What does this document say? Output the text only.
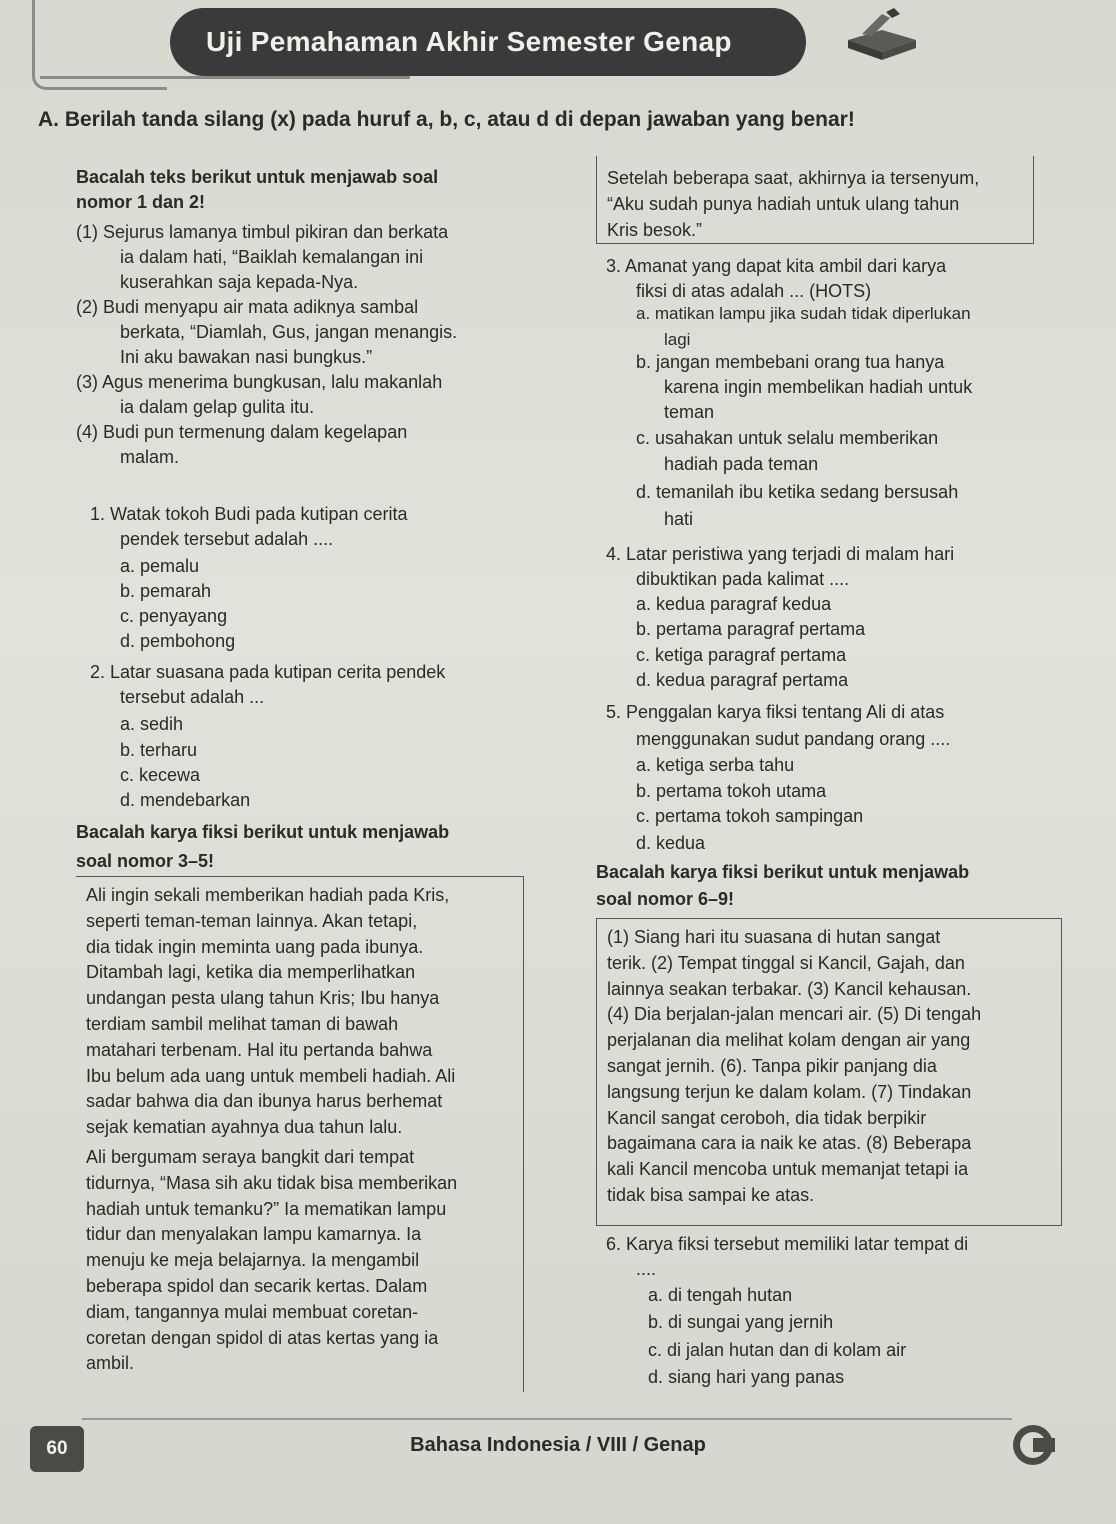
Uji Pemahaman Akhir Semester Genap
A. Berilah tanda silang (x) pada huruf a, b, c, atau d di depan jawaban yang benar!
Bacalah teks berikut untuk menjawab soal
nomor 1 dan 2!
(1) Sejurus lamanya timbul pikiran dan berkata
ia dalam hati, “Baiklah kemalangan ini
kuserahkan saja kepada-Nya.
(2) Budi menyapu air mata adiknya sambal
berkata, “Diamlah, Gus, jangan menangis.
Ini aku bawakan nasi bungkus.”
(3) Agus menerima bungkusan, lalu makanlah
ia dalam gelap gulita itu.
(4) Budi pun termenung dalam kegelapan
malam.
1. Watak tokoh Budi pada kutipan cerita
pendek tersebut adalah ....
a. pemalu
b. pemarah
c. penyayang
d. pembohong
2. Latar suasana pada kutipan cerita pendek
tersebut adalah ...
a. sedih
b. terharu
c. kecewa
d. mendebarkan
Bacalah karya fiksi berikut untuk menjawab
soal nomor 3–5!
Ali ingin sekali memberikan hadiah pada Kris,
seperti teman-teman lainnya. Akan tetapi,
dia tidak ingin meminta uang pada ibunya.
Ditambah lagi, ketika dia memperlihatkan
undangan pesta ulang tahun Kris; Ibu hanya
terdiam sambil melihat taman di bawah
matahari terbenam. Hal itu pertanda bahwa
Ibu belum ada uang untuk membeli hadiah. Ali
sadar bahwa dia dan ibunya harus berhemat
sejak kematian ayahnya dua tahun lalu.
Ali bergumam seraya bangkit dari tempat
tidurnya, “Masa sih aku tidak bisa memberikan
hadiah untuk temanku?” Ia mematikan lampu
tidur dan menyalakan lampu kamarnya. Ia
menuju ke meja belajarnya. Ia mengambil
beberapa spidol dan secarik kertas. Dalam
diam, tangannya mulai membuat coretan-
coretan dengan spidol di atas kertas yang ia
ambil.
Setelah beberapa saat, akhirnya ia tersenyum,
“Aku sudah punya hadiah untuk ulang tahun
Kris besok.”
3. Amanat yang dapat kita ambil dari karya
fiksi di atas adalah ... (HOTS)
a. matikan lampu jika sudah tidak diperlukan
lagi
b. jangan membebani orang tua hanya
karena ingin membelikan hadiah untuk
teman
c. usahakan untuk selalu memberikan
hadiah pada teman
d. temanilah ibu ketika sedang bersusah
hati
4. Latar peristiwa yang terjadi di malam hari
dibuktikan pada kalimat ....
a. kedua paragraf kedua
b. pertama paragraf pertama
c. ketiga paragraf pertama
d. kedua paragraf pertama
5. Penggalan karya fiksi tentang Ali di atas
menggunakan sudut pandang orang ....
a. ketiga serba tahu
b. pertama tokoh utama
c. pertama tokoh sampingan
d. kedua
Bacalah karya fiksi berikut untuk menjawab
soal nomor 6–9!
(1) Siang hari itu suasana di hutan sangat
terik. (2) Tempat tinggal si Kancil, Gajah, dan
lainnya seakan terbakar. (3) Kancil kehausan.
(4) Dia berjalan-jalan mencari air. (5) Di tengah
perjalanan dia melihat kolam dengan air yang
sangat jernih. (6). Tanpa pikir panjang dia
langsung terjun ke dalam kolam. (7) Tindakan
Kancil sangat ceroboh, dia tidak berpikir
bagaimana cara ia naik ke atas. (8) Beberapa
kali Kancil mencoba untuk memanjat tetapi ia
tidak bisa sampai ke atas.
6. Karya fiksi tersebut memiliki latar tempat di
....
a. di tengah hutan
b. di sungai yang jernih
c. di jalan hutan dan di kolam air
d. siang hari yang panas
60	Bahasa Indonesia / VIII / Genap
